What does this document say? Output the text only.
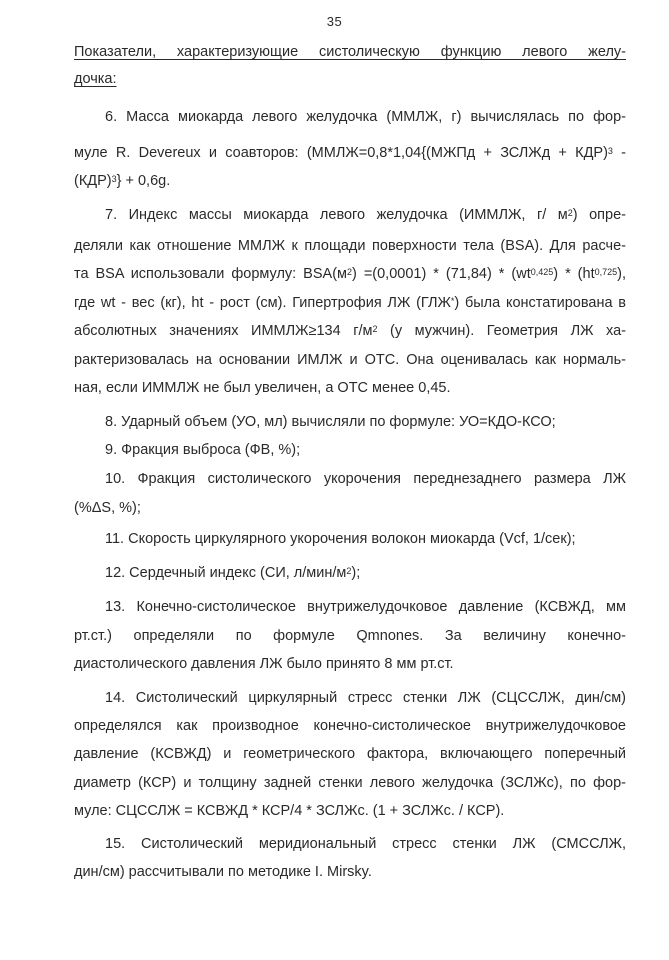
35
Показатели, характеризующие систолическую функцию левого желу-
дочка:
6. Масса миокарда левого желудочка (ММЛЖ, г) вычислялась по фор-
муле R. Devereux и соавторов: (ММЛЖ=0,8*1,04{(МЖПд + ЗСЛЖд + КДР)$^3$ -
(КДР)$^3$} + 0,6g.
7. Индекс массы миокарда левого желудочка (ИММЛЖ, г/ $м^2$) опре-
деляли как отношение ММЛЖ к площади поверхности тела (BSA). Для расче-
та BSA использовали формулу: $BSA(м^2) =(0,0001) * (71,84) * (wt^{0,425}) * (ht^{0,725})$,
где wt - вес (кг), ht - рост (см). Гипертрофия ЛЖ (ГЛЖ*) была констатирована в
абсолютных значениях ИММЛЖ≥134 $г/м^2$ (у мужчин). Геометрия ЛЖ ха-
рактеризовалась на основании ИМЛЖ и ОТС. Она оценивалась как нормаль-
ная, если ИММЛЖ не был увеличен, а ОТС менее 0,45.
8. Ударный объем (УО, мл) вычисляли по формуле: УО=КДО-КСО;
9. Фракция выброса (ФВ, %);
10. Фракция систолического укорочения переднезаднего размера ЛЖ
(%ΔS, %);
11. Скорость циркулярного укорочения волокон миокарда (Vcf, 1/сек);
12. Сердечный индекс (СИ, $л/мин/м^2$);
13. Конечно-систолическое внутрижелудочковое давление (КСВЖД, мм
рт.ст.) определяли по формуле Qmnones. За величину конечно-
диастолического давления ЛЖ было принято 8 мм рт.ст.
14. Систолический циркулярный стресс стенки ЛЖ (СЦССЛЖ, дин/см)
определялся как производное конечно-систолическое внутрижелудочковое
давление (КСВЖД) и геометрического фактора, включающего поперечный
диаметр (КСР) и толщину задней стенки левого желудочка (ЗСЛЖс), по фор-
муле: СЦССЛЖ = КСВЖД * КСР/4 * ЗСЛЖс. (1 + ЗСЛЖс. / КСР).
15. Систолический меридиональный стресс стенки ЛЖ (СМССЛЖ,
дин/см) рассчитывали по методике I. Mirsky.
